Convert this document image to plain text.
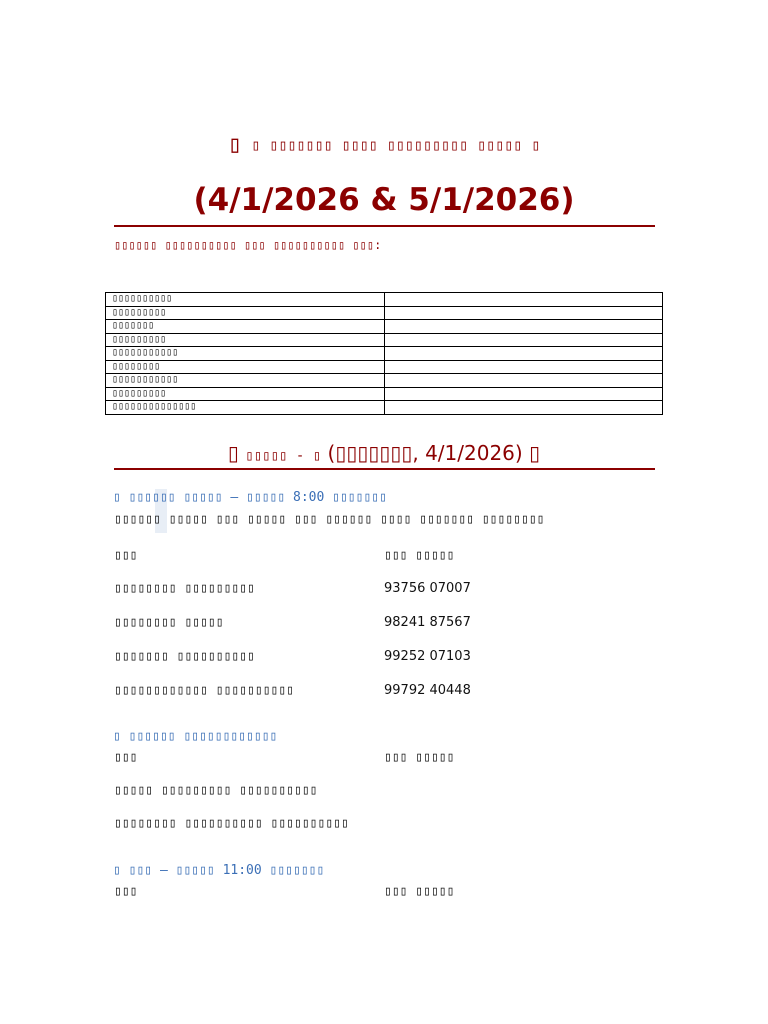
▯ ▯ ▯▯▯▯▯▯▯ ▯▯▯▯ ▯▯▯▯▯▯▯▯▯ ▯▯▯▯▯ ▯
(4/1/2026 & 5/1/2026)
▯▯▯▯▯▯ ▯▯▯▯▯▯▯▯▯▯ ▯▯▯ ▯▯▯▯▯▯▯▯▯▯ ▯▯▯:
▯▯▯▯▯▯▯▯▯▯	
▯▯▯▯▯▯▯▯▯	
▯▯▯▯▯▯▯	
▯▯▯▯▯▯▯▯▯	
▯▯▯▯▯▯▯▯▯▯▯	
▯▯▯▯▯▯▯▯	
▯▯▯▯▯▯▯▯▯▯▯	
▯▯▯▯▯▯▯▯▯	
▯▯▯▯▯▯▯▯▯▯▯▯▯▯	
▯ ▯▯▯▯▯ - ▯ (▯▯▯▯▯▯▯, 4/1/2026) ▯
▯ ▯▯▯▯▯▯ ▯▯▯▯▯ – ▯▯▯▯▯ 8:00 ▯▯▯▯▯▯▯
▯▯▯▯▯▯ ▯▯▯▯▯ ▯▯▯ ▯▯▯▯▯ ▯▯▯ ▯▯▯▯▯▯ ▯▯▯▯ ▯▯▯▯▯▯▯ ▯▯▯▯▯▯▯▯
▯▯▯	▯▯▯ ▯▯▯▯▯
▯▯▯▯▯▯▯▯ ▯▯▯▯▯▯▯▯▯	93756 07007
▯▯▯▯▯▯▯▯ ▯▯▯▯▯	98241 87567
▯▯▯▯▯▯▯ ▯▯▯▯▯▯▯▯▯▯	99252 07103
▯▯▯▯▯▯▯▯▯▯▯▯ ▯▯▯▯▯▯▯▯▯▯	99792 40448
▯ ▯▯▯▯▯▯ ▯▯▯▯▯▯▯▯▯▯▯▯
▯▯▯	▯▯▯ ▯▯▯▯▯
▯▯▯▯▯ ▯▯▯▯▯▯▯▯▯ ▯▯▯▯▯▯▯▯▯▯
▯▯▯▯▯▯▯▯ ▯▯▯▯▯▯▯▯▯▯ ▯▯▯▯▯▯▯▯▯▯
▯ ▯▯▯ – ▯▯▯▯▯ 11:00 ▯▯▯▯▯▯▯
▯▯▯	▯▯▯ ▯▯▯▯▯
